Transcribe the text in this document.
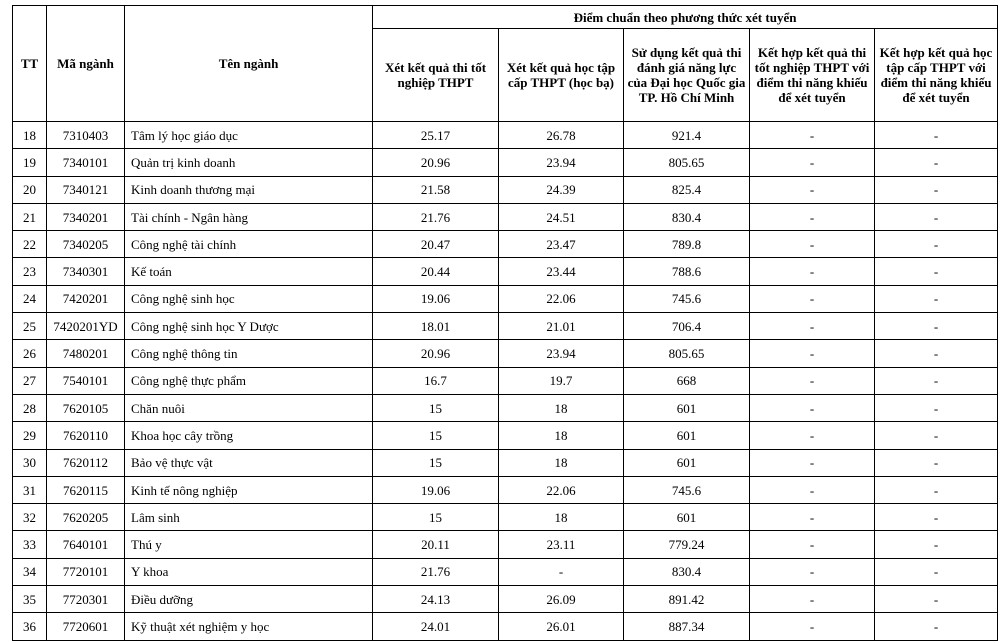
TT	Mã ngành	Tên ngành	Điểm chuẩn theo phương thức xét tuyển				
			Xét kết quả thi tốt nghiệp THPT	Xét kết quả học tập cấp THPT (học bạ)	Sử dụng kết quả thi đánh giá năng lực của Đại học Quốc gia TP. Hồ Chí Minh	Kết hợp kết quả thi tốt nghiệp THPT với điểm thi năng khiếu để xét tuyển	Kết hợp kết quả học tập cấp THPT với điểm thi năng khiếu để xét tuyển
18	7310403	Tâm lý học giáo dục	25.17	26.78	921.4	-	-
19	7340101	Quản trị kinh doanh	20.96	23.94	805.65	-	-
20	7340121	Kinh doanh thương mại	21.58	24.39	825.4	-	-
21	7340201	Tài chính - Ngân hàng	21.76	24.51	830.4	-	-
22	7340205	Công nghệ tài chính	20.47	23.47	789.8	-	-
23	7340301	Kế toán	20.44	23.44	788.6	-	-
24	7420201	Công nghệ sinh học	19.06	22.06	745.6	-	-
25	7420201YD	Công nghệ sinh học Y Dược	18.01	21.01	706.4	-	-
26	7480201	Công nghệ thông tin	20.96	23.94	805.65	-	-
27	7540101	Công nghệ thực phẩm	16.7	19.7	668	-	-
28	7620105	Chăn nuôi	15	18	601	-	-
29	7620110	Khoa học cây trồng	15	18	601	-	-
30	7620112	Bảo vệ thực vật	15	18	601	-	-
31	7620115	Kinh tế nông nghiệp	19.06	22.06	745.6	-	-
32	7620205	Lâm sinh	15	18	601	-	-
33	7640101	Thú y	20.11	23.11	779.24	-	-
34	7720101	Y khoa	21.76	-	830.4	-	-
35	7720301	Điều dưỡng	24.13	26.09	891.42	-	-
36	7720601	Kỹ thuật xét nghiệm y học	24.01	26.01	887.34	-	-
